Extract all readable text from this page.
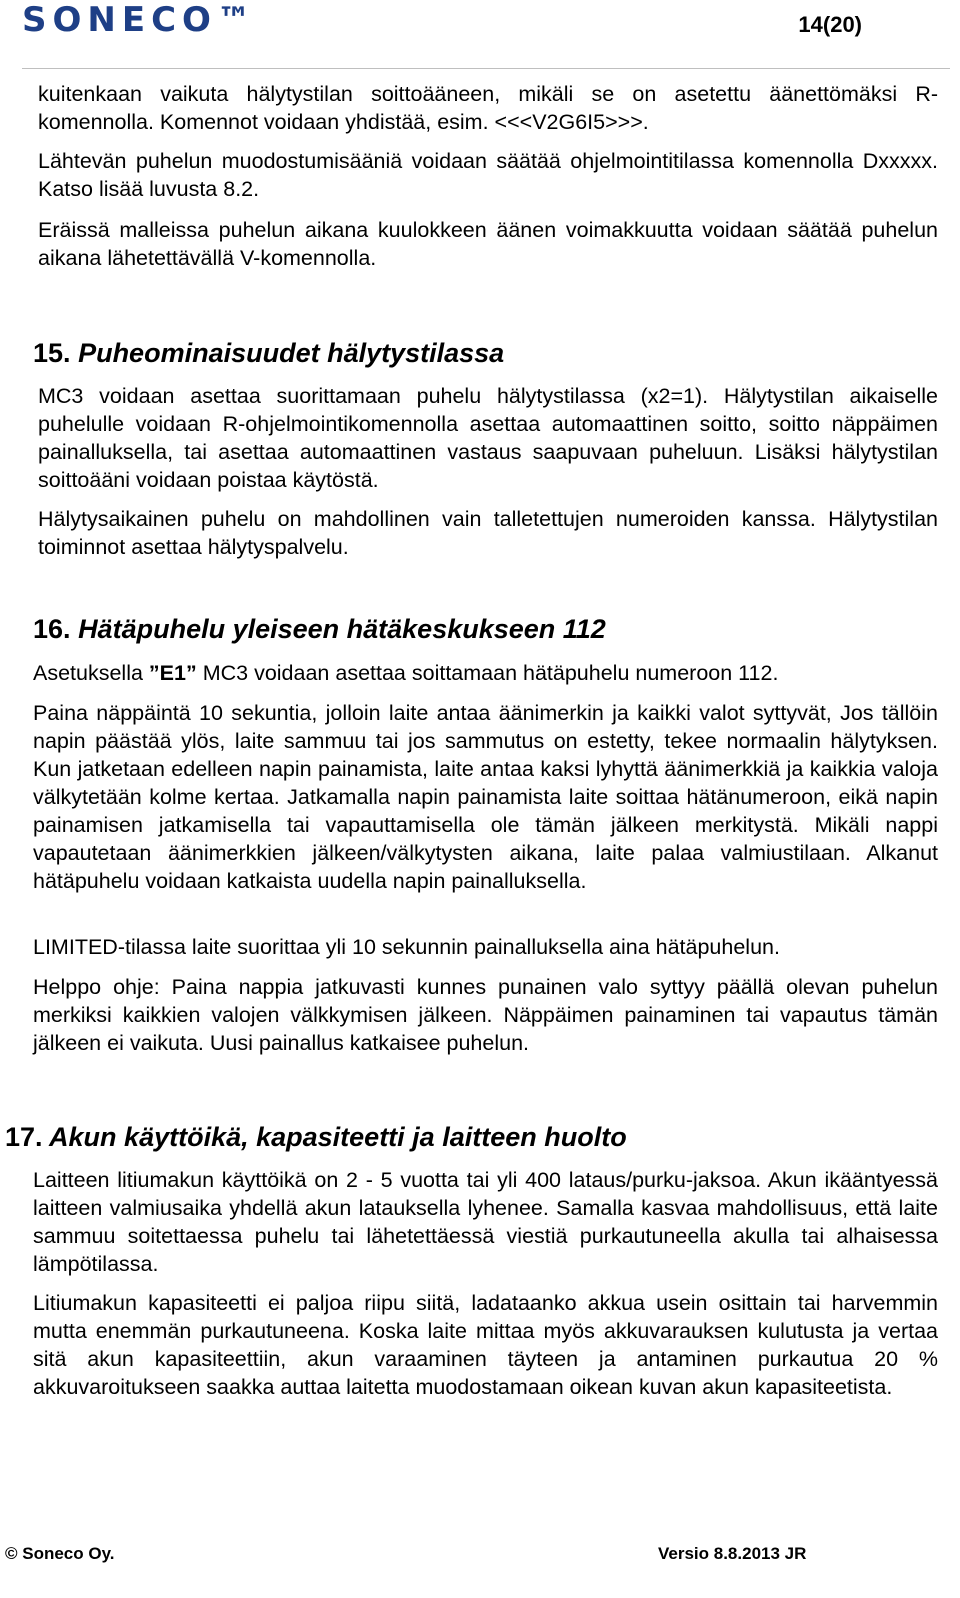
SONECO™	14(20)

kuitenkaan vaikuta hälytystilan soittoääneen, mikäli se on asetettu äänettömäksi R-komennolla. Komennot voidaan yhdistää, esim. <<<V2G6I5>>>.

Lähtevän puhelun muodostumisääniä voidaan säätää ohjelmointitilassa komennolla Dxxxxx. Katso lisää luvusta 8.2.

Eräissä malleissa puhelun aikana kuulokkeen äänen voimakkuutta voidaan säätää puhelun aikana lähetettävällä V-komennolla.

15. Puheominaisuudet hälytystilassa

MC3 voidaan asettaa suorittamaan puhelu hälytystilassa (x2=1). Hälytystilan aikaiselle puhelulle voidaan R-ohjelmointikomennolla asettaa automaattinen soitto, soitto näppäimen painalluksella, tai asettaa automaattinen vastaus saapuvaan puheluun. Lisäksi hälytystilan soittoääni voidaan poistaa käytöstä.

Hälytysaikainen puhelu on mahdollinen vain talletettujen numeroiden kanssa. Hälytystilan toiminnot asettaa hälytyspalvelu.

16. Hätäpuhelu yleiseen hätäkeskukseen 112

Asetuksella ”E1” MC3 voidaan asettaa soittamaan hätäpuhelu numeroon 112.

Paina näppäintä 10 sekuntia, jolloin laite antaa äänimerkin ja kaikki valot syttyvät, Jos tällöin napin päästää ylös, laite sammuu tai jos sammutus on estetty, tekee normaalin hälytyksen. Kun jatketaan edelleen napin painamista, laite antaa kaksi lyhyttä äänimerkkiä ja kaikkia valoja välkytetään kolme kertaa. Jatkamalla napin painamista laite soittaa hätänumeroon, eikä napin painamisen jatkamisella tai vapauttamisella ole tämän jälkeen merkitystä. Mikäli nappi vapautetaan äänimerkkien jälkeen/välkytysten aikana, laite palaa valmiustilaan. Alkanut hätäpuhelu voidaan katkaista uudella napin painalluksella.

LIMITED-tilassa laite suorittaa yli 10 sekunnin painalluksella aina hätäpuhelun.

Helppo ohje: Paina nappia jatkuvasti kunnes punainen valo syttyy päällä olevan puhelun merkiksi kaikkien valojen välkkymisen jälkeen. Näppäimen painaminen tai vapautus tämän jälkeen ei vaikuta. Uusi painallus katkaisee puhelun.

17. Akun käyttöikä, kapasiteetti ja laitteen huolto

Laitteen litiumakun käyttöikä on 2 - 5 vuotta tai yli 400 lataus/purku-jaksoa. Akun ikääntyessä laitteen valmiusaika yhdellä akun latauksella lyhenee. Samalla kasvaa mahdollisuus, että laite sammuu soitettaessa puhelu tai lähetettäessä viestiä purkautuneella akulla tai alhaisessa lämpötilassa.

Litiumakun kapasiteetti ei paljoa riipu siitä, ladataanko akkua usein osittain tai harvemmin mutta enemmän purkautuneena. Koska laite mittaa myös akkuvarauksen kulutusta ja vertaa sitä akun kapasiteettiin, akun varaaminen täyteen ja antaminen purkautua 20 % akkuvaroitukseen saakka auttaa laitetta muodostamaan oikean kuvan akun kapasiteetista.

© Soneco Oy.	Versio 8.8.2013 JR
